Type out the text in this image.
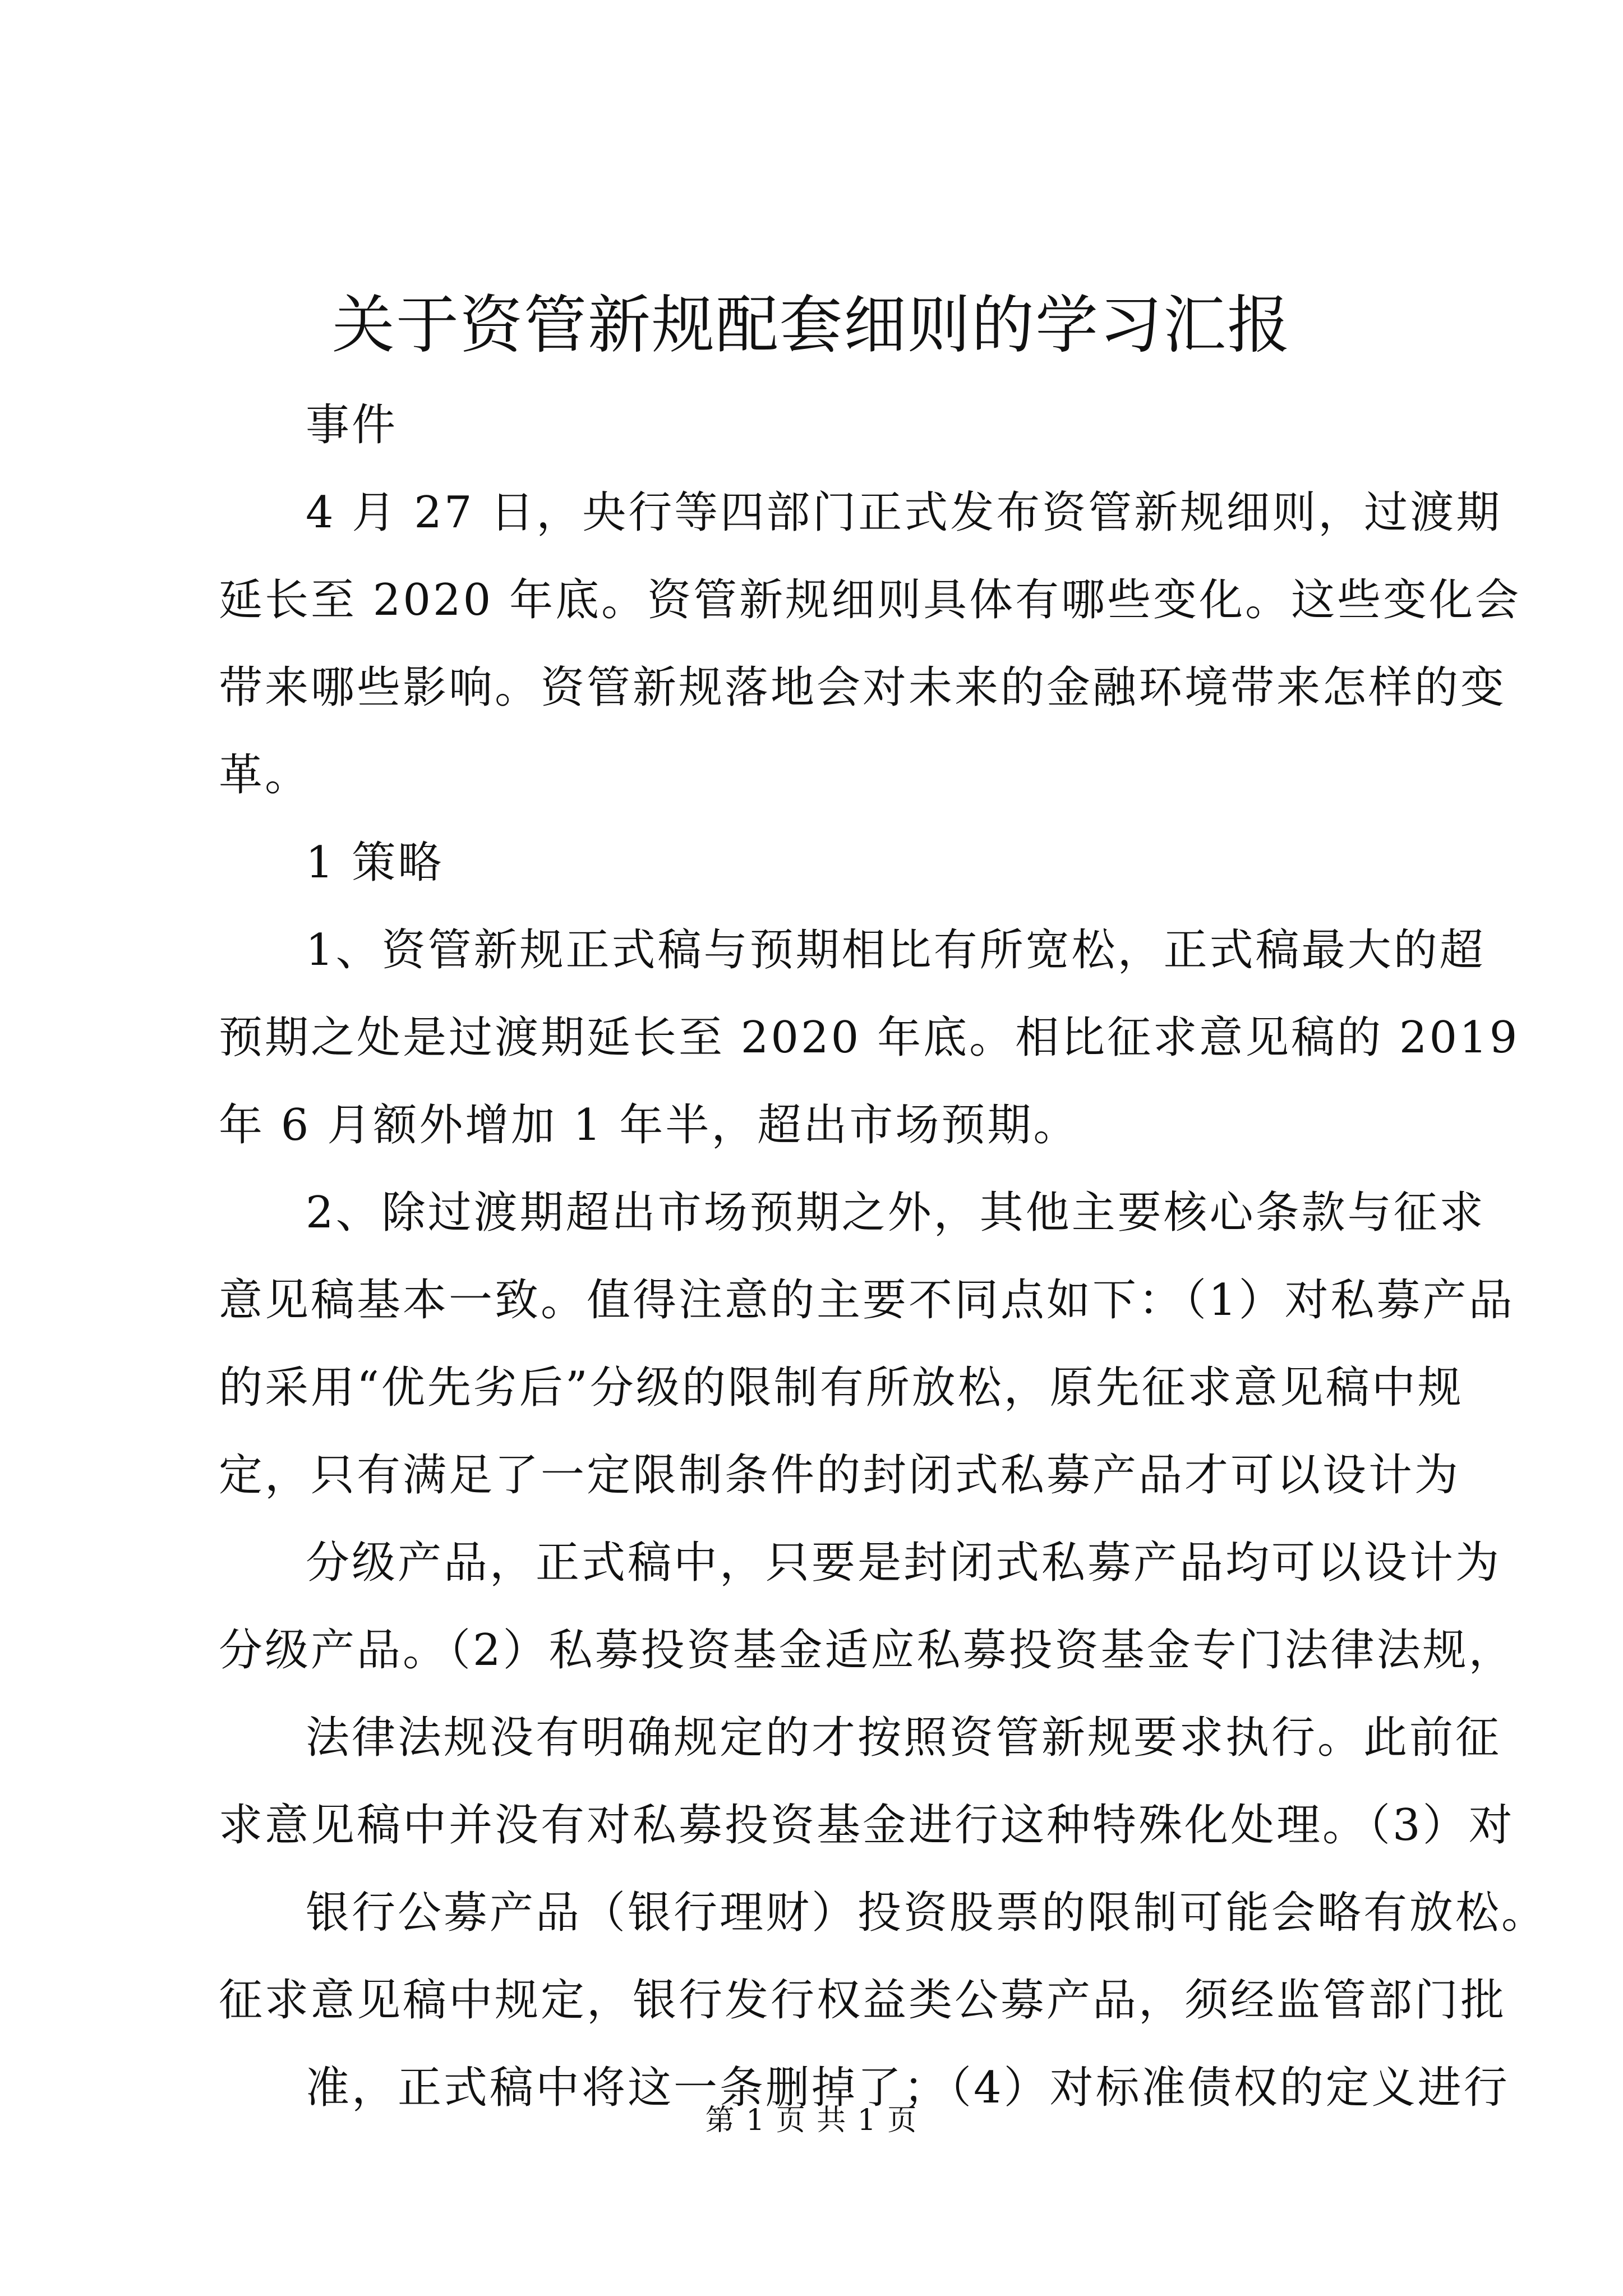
关于资管新规配套细则的学习汇报
事件
4 月 27 日，央行等四部门正式发布资管新规细则，过渡期
延长至 2020 年底。资管新规细则具体有哪些变化。这些变化会
带来哪些影响。资管新规落地会对未来的金融环境带来怎样的变
革。
1 策略
1、资管新规正式稿与预期相比有所宽松，正式稿最大的超
预期之处是过渡期延长至 2020 年底。相比征求意见稿的 2019
年 6 月额外增加 1 年半，超出市场预期。
2、除过渡期超出市场预期之外，其他主要核心条款与征求
意见稿基本一致。值得注意的主要不同点如下：（1）对私募产品
的采用“优先劣后”分级的限制有所放松，原先征求意见稿中规
定，只有满足了一定限制条件的封闭式私募产品才可以设计为
分级产品，正式稿中，只要是封闭式私募产品均可以设计为
分级产品。（2）私募投资基金适应私募投资基金专门法律法规，
法律法规没有明确规定的才按照资管新规要求执行。此前征
求意见稿中并没有对私募投资基金进行这种特殊化处理。（3）对
银行公募产品（银行理财）投资股票的限制可能会略有放松。
征求意见稿中规定，银行发行权益类公募产品，须经监管部门批
准，正式稿中将这一条删掉了；（4）对标准债权的定义进行
第 1 页 共 1 页
